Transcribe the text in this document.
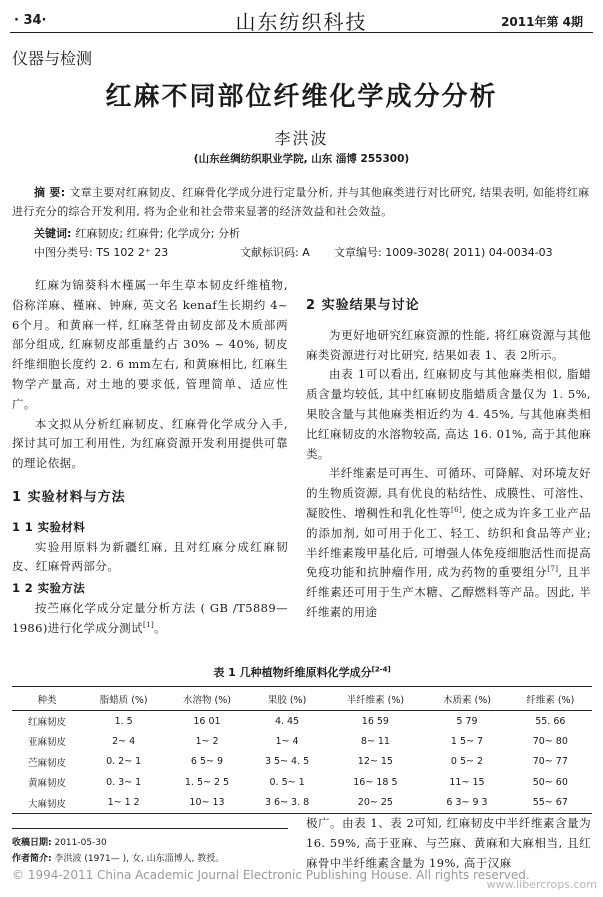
· 34·	山东纺织科技	2011年第 4期
仪器与检测
红麻不同部位纤维化学成分分析
李洪波
(山东丝绸纺织职业学院, 山东 淄博 255300)
摘 要: 文章主要对红麻韧皮、红麻骨化学成分进行定量分析, 并与其他麻类进行对比研究, 结果表明, 如能将红麻进行充分的综合开发利用, 将为企业和社会带来显著的经济效益和社会效益。
关键词: 红麻韧皮; 红麻骨; 化学成分; 分析
中图分类号: TS 102 2⁺ 23	文献标识码: A 文章编号: 1009-3028( 2011) 04-0034-03

红麻为锦葵科木槿属一年生草本韧皮纤维植物, 俗称洋麻、槿麻、钟麻, 英文名 kenaf生长期约 4~ 6个月。和黄麻一样, 红麻茎骨由韧皮部及木质部两部分组成, 红麻韧皮部重量约占 30% ~ 40%, 韧皮纤维细胞长度约 2. 6 mm左右, 和黄麻相比, 红麻生物学产量高, 对土地的要求低, 管理简单、适应性广。

本文拟从分析红麻韧皮、红麻骨化学成分入手, 探讨其可加工利用性, 为红麻资源开发利用提供可靠的理论依据。

1 实验材料与方法
1 1 实验材料

实验用原料为新疆红麻, 且对红麻分成红麻韧皮、红麻骨两部分。

1 2 实验方法

按苎麻化学成分定量分析方法 ( GB /T5889—1986)进行化学成分测试[1]。

2 实验结果与讨论

为更好地研究红麻资源的性能, 将红麻资源与其他麻类资源进行对比研究, 结果如表 1、表 2所示。

由表 1可以看出, 红麻韧皮与其他麻类相似, 脂蜡质含量均较低, 其中红麻韧皮脂蜡质含量仅为 1. 5%, 果胶含量与其他麻类相近约为 4. 45%, 与其他麻类相比红麻韧皮的水溶物较高, 高达 16. 01%, 高于其他麻类。

半纤维素是可再生、可循环、可降解、对环境友好的生物质资源, 具有优良的粘结性、成膜性、可溶性、凝胶性、增稠性和乳化性等[6], 使之成为许多工业产品的添加剂, 如可用于化工、轻工、纺织和食品等产业; 半纤维素羧甲基化后, 可增强人体免疫细胞活性而提高免疫功能和抗肿瘤作用, 成为药物的重要组分[7], 且半纤维素还可用于生产木糖、乙醇燃料等产品。因此, 半纤维素的用途

表 1 几种植物纤维原料化学成分[2-4]
种类	脂蜡质 (%)	水溶物 (%)	果胶 (%)	半纤维素 (%)	木质素 (%)	纤维素 (%)
红麻韧皮	1. 5	16 01	4. 45	16 59	5 79	55. 66
亚麻韧皮	2~ 4	1~ 2	1~ 4	8~ 11	1 5~ 7	70~ 80
苎麻韧皮	0. 2~ 1	6 5~ 9	3 5~ 4. 5	12~ 15	0 5~ 2	70~ 77
黄麻韧皮	0. 3~ 1	1. 5~ 2 5	0. 5~ 1	16~ 18 5	11~ 15	50~ 60
大麻韧皮	1~ 1 2	10~ 13	3 6~ 3. 8	20~ 25	6 3~ 9 3	55~ 67
收稿日期: 2011-05-30
作者简介: 李洪波 (1971— ), 女, 山东淄博人, 教授。

极广。由表 1、表 2可知, 红麻韧皮中半纤维素含量为 16. 59%, 高于亚麻、与苎麻、黄麻和大麻相当, 且红麻骨中半纤维素含量为 19%, 高于汉麻

© 1994-2011 China Academic Journal Electronic Publishing House. All rights reserved.
www.libercrops.com
